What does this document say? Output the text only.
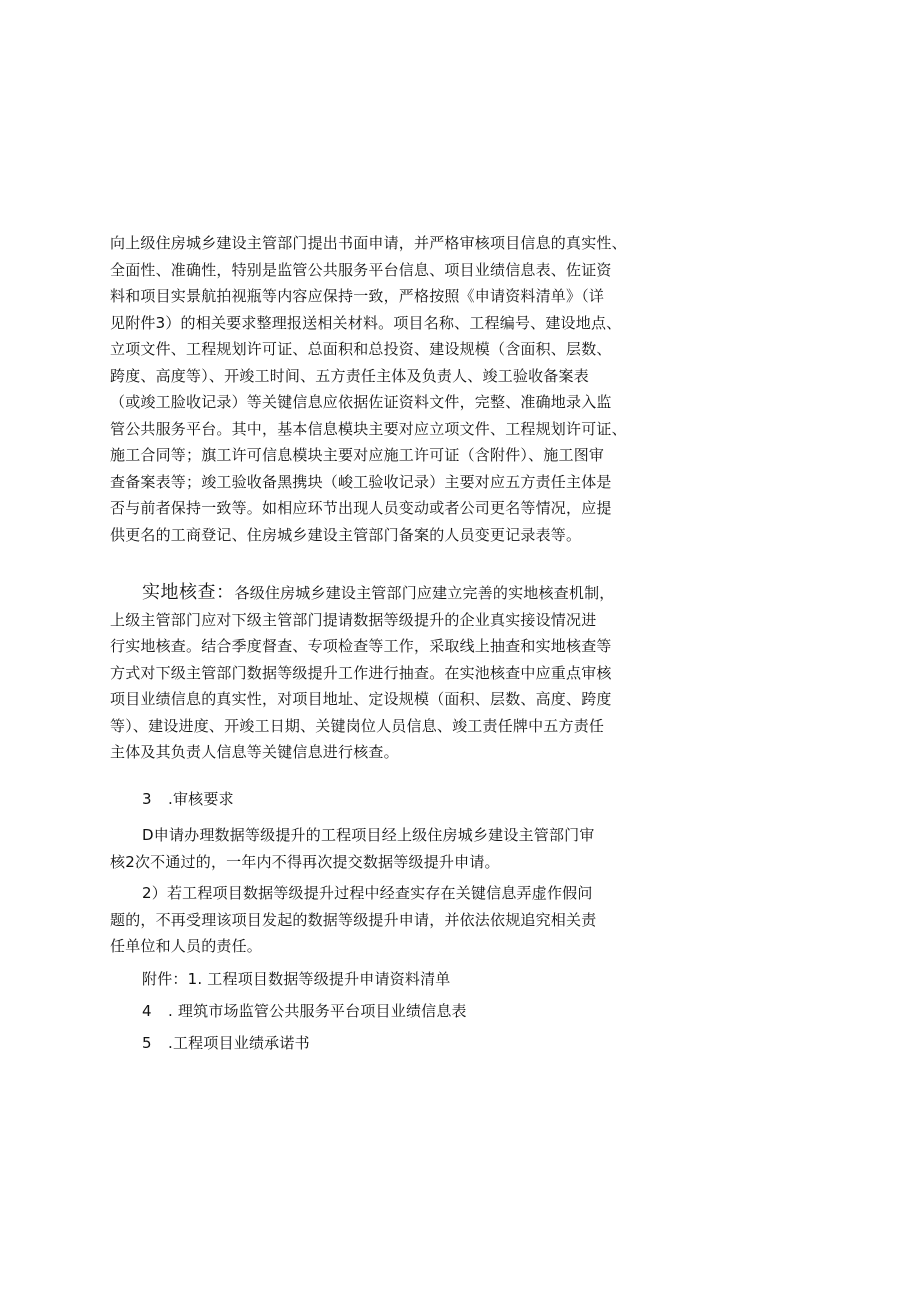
向上级住房城乡建设主管部门提出书面申请，并严格审核项目信息的真实性、
全面性、准确性，特别是监管公共服务平台信息、项目业绩信息表、佐证资
料和项目实景航拍视瓶等内容应保持一致，严格按照《申请资料清单》（详
见附件3）的相关要求整理报送相关材料。项目名称、工程编号、建设地点、
立项文件、工程规划许可证、总面积和总投资、建设规模（含面积、层数、
跨度、高度等）、开竣工时间、五方责任主体及负责人、竣工验收备案表
（或竣工脸收记录）等关键信息应依据佐证资料文件，完整、准确地录入监
管公共服务平台。其中，基本信息模块主要对应立项文件、工程规划许可证、
施工合同等；旗工许可信息模块主要对应施工许可证（含附件）、施工图审
查备案表等；竣工验收备黑携块（峻工验收记录）主要对应五方责任主体是
否与前者保持一致等。如相应环节出现人员变动或者公司更名等情况，应提
供更名的工商登记、住房城乡建设主管部门备案的人员变更记录表等。
实地核查：各级住房城乡建设主管部门应建立完善的实地核查机制，
上级主管部门应对下级主管部门提请数据等级提升的企业真实接设情况进
行实地核查。结合季度督查、专项检查等工作，采取线上抽查和实地核查等
方式对下级主管部门数据等级提升工作进行抽查。在实池核查中应重点审核
项目业绩信息的真实性，对项目地址、定设规模（面积、层数、高度、跨度
等）、建设进度、开竣工日期、关键岗位人员信息、竣工责任牌中五方责任
主体及其负责人信息等关键信息进行核查。
3 .审核要求
D申请办理数据等级提升的工程项目经上级住房城乡建设主管部门审
核2次不通过的，一年内不得再次提交数据等级提升申请。
2）若工程项目数据等级提升过程中经查实存在关键信息弄虚作假问
题的，不再受理该项目发起的数据等级提升申请，并依法依规追究相关责
任单位和人员的责任。
附件：1. 工程项目数据等级提升申请资料清单
4 . 理筑市场监管公共服务平台项目业绩信息表
5 .工程项目业绩承诺书
